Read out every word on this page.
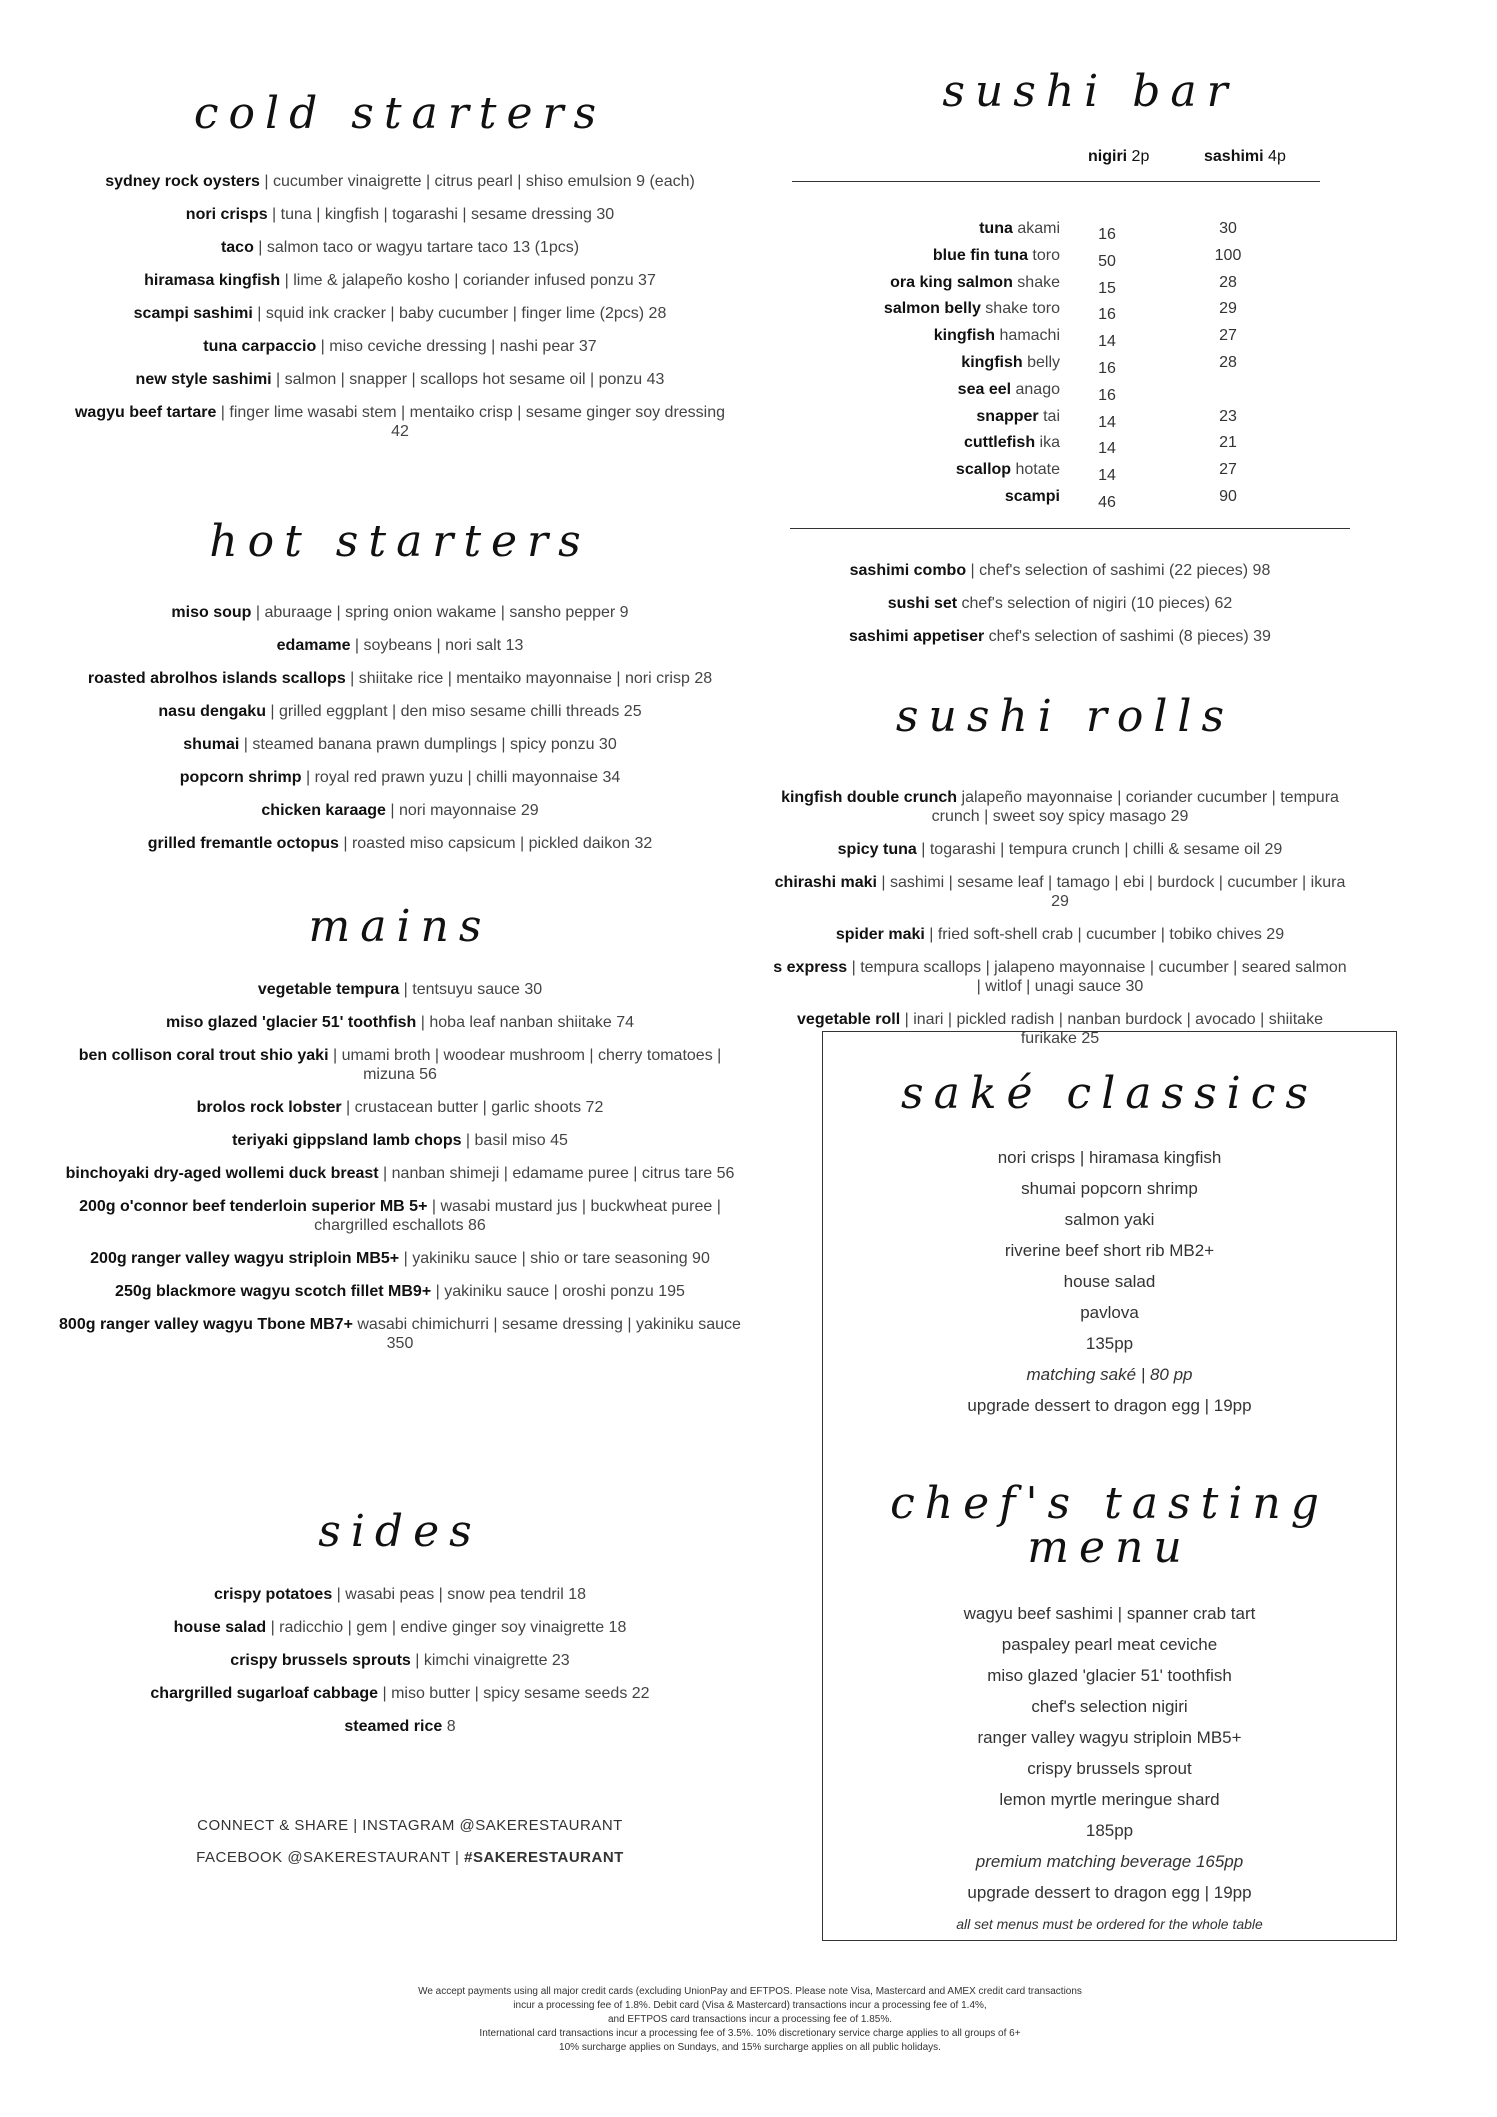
cold starters

sydney rock oysters | cucumber vinaigrette | citrus pearl | shiso emulsion 9 (each)

nori crisps | tuna | kingfish | togarashi | sesame dressing 30

taco | salmon taco or wagyu tartare taco 13 (1pcs)

hiramasa kingfish | lime & jalapeño kosho | coriander infused ponzu 37

scampi sashimi | squid ink cracker | baby cucumber | finger lime (2pcs) 28

tuna carpaccio | miso ceviche dressing | nashi pear 37

new style sashimi | salmon | snapper | scallops hot sesame oil | ponzu 43

wagyu beef tartare | finger lime wasabi stem | mentaiko crisp | sesame ginger soy dressing 42

hot starters

miso soup | aburaage | spring onion wakame | sansho pepper 9

edamame | soybeans | nori salt 13

roasted abrolhos islands scallops | shiitake rice | mentaiko mayonnaise | nori crisp 28

nasu dengaku | grilled eggplant | den miso sesame chilli threads 25

shumai | steamed banana prawn dumplings | spicy ponzu 30

popcorn shrimp | royal red prawn yuzu | chilli mayonnaise 34

chicken karaage | nori mayonnaise 29

grilled fremantle octopus | roasted miso capsicum | pickled daikon 32

mains

vegetable tempura | tentsuyu sauce 30

miso glazed 'glacier 51' toothfish | hoba leaf nanban shiitake 74

ben collison coral trout shio yaki | umami broth | woodear mushroom | cherry tomatoes | mizuna 56

brolos rock lobster | crustacean butter | garlic shoots 72

teriyaki gippsland lamb chops | basil miso 45

binchoyaki dry-aged wollemi duck breast | nanban shimeji | edamame puree | citrus tare 56

200g o'connor beef tenderloin superior MB 5+ | wasabi mustard jus | buckwheat puree | chargrilled eschallots 86

200g ranger valley wagyu striploin MB5+ | yakiniku sauce | shio or tare seasoning 90

250g blackmore wagyu scotch fillet MB9+ | yakiniku sauce | oroshi ponzu 195

800g ranger valley wagyu Tbone MB7+ wasabi chimichurri | sesame dressing | yakiniku sauce 350

sides

crispy potatoes | wasabi peas | snow pea tendril 18

house salad | radicchio | gem | endive ginger soy vinaigrette 18

crispy brussels sprouts | kimchi vinaigrette 23

chargrilled sugarloaf cabbage | miso butter | spicy sesame seeds 22

steamed rice 8

CONNECT & SHARE | INSTAGRAM @SAKERESTAURANT
FACEBOOK @SAKERESTAURANT | #SAKERESTAURANT
sushi bar
nigiri 2p	sashimi 4p
tuna akami	16	30
blue fin tuna toro	50	100
ora king salmon shake	15	28
salmon belly shake toro	16	29
kingfish hamachi	14	27
kingfish belly	16	28
sea eel anago	16
snapper tai	14	23
cuttlefish ika	14	21
scallop hotate	14	27
scampi	46	90

sashimi combo | chef's selection of sashimi (22 pieces) 98

sushi set chef's selection of nigiri (10 pieces) 62

sashimi appetiser chef's selection of sashimi (8 pieces) 39

sushi rolls

kingfish double crunch jalapeño mayonnaise | coriander cucumber | tempura crunch | sweet soy spicy masago 29

spicy tuna | togarashi | tempura crunch | chilli & sesame oil 29

chirashi maki | sashimi | sesame leaf | tamago | ebi | burdock | cucumber | ikura 29

spider maki | fried soft-shell crab | cucumber | tobiko chives 29

s express | tempura scallops | jalapeno mayonnaise | cucumber | seared salmon | witlof | unagi sauce 30

vegetable roll | inari | pickled radish | nanban burdock | avocado | shiitake furikake 25

saké classics

nori crisps | hiramasa kingfish

shumai popcorn shrimp

salmon yaki

riverine beef short rib MB2+

house salad

pavlova

135pp

matching saké | 80 pp

upgrade dessert to dragon egg | 19pp

chef's tasting menu

wagyu beef sashimi | spanner crab tart

paspaley pearl meat ceviche

miso glazed 'glacier 51' toothfish

chef's selection nigiri

ranger valley wagyu striploin MB5+

crispy brussels sprout

lemon myrtle meringue shard

185pp

premium matching beverage 165pp

upgrade dessert to dragon egg | 19pp

all set menus must be ordered for the whole table

We accept payments using all major credit cards (excluding UnionPay and EFTPOS. Please note Visa, Mastercard and AMEX credit card transactions
incur a processing fee of 1.8%. Debit card (Visa & Mastercard) transactions incur a processing fee of 1.4%,
and EFTPOS card transactions incur a processing fee of 1.85%.
International card transactions incur a processing fee of 3.5%. 10% discretionary service charge applies to all groups of 6+
10% surcharge applies on Sundays, and 15% surcharge applies on all public holidays.
